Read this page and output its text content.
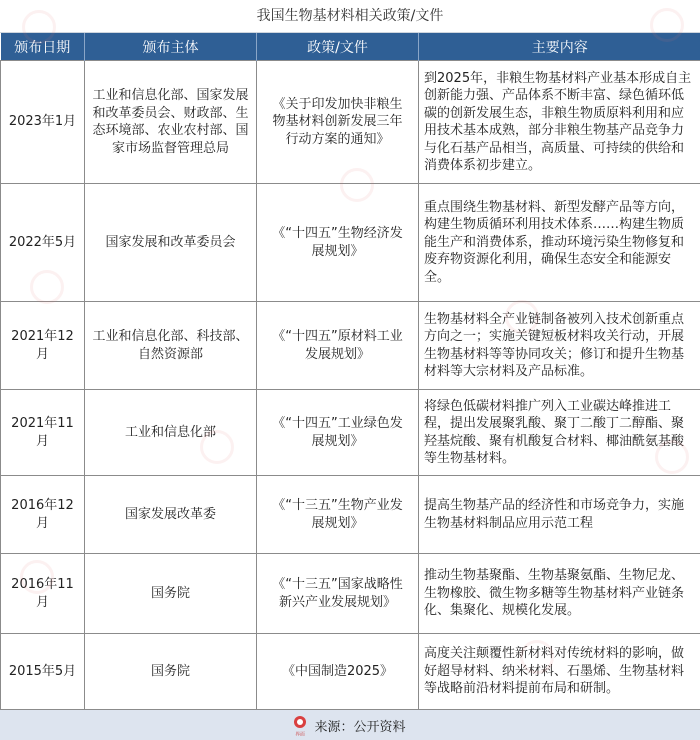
我国生物基材料相关政策/文件
颁布日期	颁布主体	政策/文件	主要内容
2023年1月	工业和信息化部、国家发展和改革委员会、财政部、生态环境部、农业农村部、国家市场监督管理总局	《关于印发加快非粮生物基材料创新发展三年行动方案的通知》	到2025年，非粮生物基材料产业基本形成自主创新能力强、产品体系不断丰富、绿色循环低碳的创新发展生态，非粮生物质原料利用和应用技术基本成熟，部分非粮生物基产品竞争力与化石基产品相当，高质量、可持续的供给和消费体系初步建立。
2022年5月	国家发展和改革委员会	《“十四五”生物经济发展规划》	重点围绕生物基材料、新型发酵产品等方向，构建生物质循环利用技术体系……构建生物质能生产和消费体系，推动环境污染生物修复和废弃物资源化利用，确保生态安全和能源安全。
2021年12月	工业和信息化部、科技部、自然资源部	《“十四五”原材料工业发展规划》	生物基材料全产业链制备被列入技术创新重点方向之一；实施关键短板材料攻关行动，开展生物基材料等等协同攻关；修订和提升生物基材料等大宗材料及产品标准。
2021年11月	工业和信息化部	《“十四五”工业绿色发展规划》	将绿色低碳材料推广列入工业碳达峰推进工程，提出发展聚乳酸、聚丁二酸丁二醇酯、聚羟基烷酸、聚有机酸复合材料、椰油酰氨基酸等生物基材料。
2016年12月	国家发展改革委	《“十三五”生物产业发展规划》	提高生物基产品的经济性和市场竞争力，实施生物基材料制品应用示范工程
2016年11月	国务院	《“十三五”国家战略性新兴产业发展规划》	推动生物基聚酯、生物基聚氨酯、生物尼龙、生物橡胶、微生物多糖等生物基材料产业链条化、集聚化、规模化发展。
2015年5月	国务院	《中国制造2025》	高度关注颠覆性新材料对传统材料的影响，做好超导材料、纳米材料、石墨烯、生物基材料等战略前沿材料提前布局和研制。
界面 来源：公开资料
